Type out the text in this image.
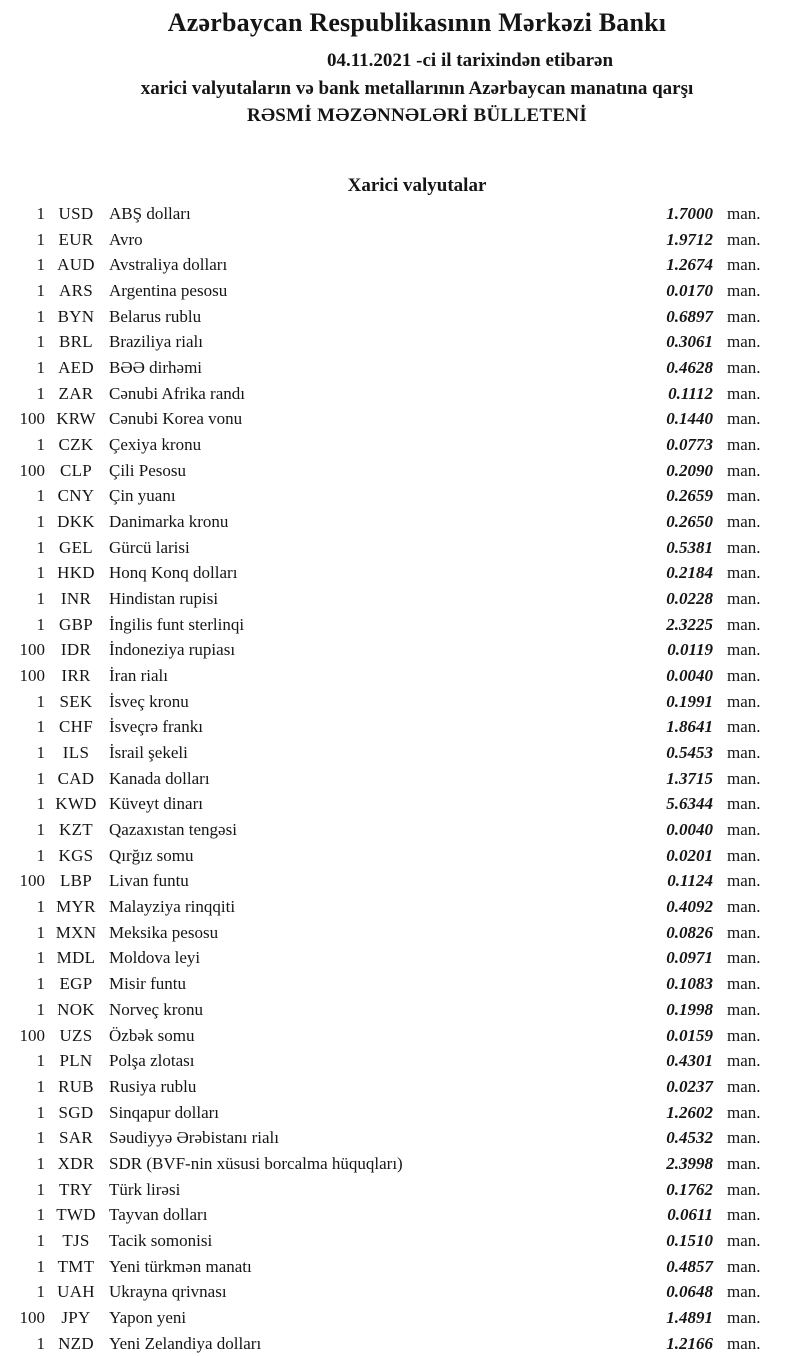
Azərbaycan Respublikasının Mərkəzi Bankı
04.11.2021 -ci il tarixindən etibarən
xarici valyutaların və bank metallarının Azərbaycan manatına qarşı
RƏSMİ MƏZƏNNƏLƏRİ BÜLLETENİ
Xarici valyutalar
1 USD ABŞ dolları	1.7000 man.
1 EUR Avro	1.9712 man.
1 AUD Avstraliya dolları	1.2674 man.
1 ARS Argentina pesosu	0.0170 man.
1 BYN Belarus rublu	0.6897 man.
1 BRL Braziliya rialı	0.3061 man.
1 AED BƏƏ dirhəmi	0.4628 man.
1 ZAR Cənubi Afrika randı	0.1112 man.
100 KRW Cənubi Korea vonu	0.1440 man.
1 CZK Çexiya kronu	0.0773 man.
100 CLP Çili Pesosu	0.2090 man.
1 CNY Çin yuanı	0.2659 man.
1 DKK Danimarka kronu	0.2650 man.
1 GEL Gürcü larisi	0.5381 man.
1 HKD Honq Konq dolları	0.2184 man.
1 INR	Hindistan rupisi	0.0228 man.
1 GBP İngilis funt sterlinqi	2.3225 man.
100 IDR	İndoneziya rupiası	0.0119 man.
100 IRR	İran rialı	0.0040 man.
1 SEK İsveç kronu	0.1991 man.
1 CHF İsveçrə frankı	1.8641 man.
1	ILS	İsrail şekeli	0.5453 man.
1 CAD Kanada dolları	1.3715 man.
1 KWD Küveyt dinarı	5.6344 man.
1 KZT Qazaxıstan tengəsi	0.0040 man.
1 KGS Qırğız somu	0.0201 man.
100 LBP Livan funtu	0.1124 man.
1 MYR Malayziya rinqqiti	0.4092 man.
1 MXN Meksika pesosu	0.0826 man.
1 MDL Moldova leyi	0.0971 man.
1 EGP Misir funtu	0.1083 man.
1 NOK Norveç kronu	0.1998 man.
100 UZS Özbək somu	0.0159 man.
1 PLN Polşa zlotası	0.4301 man.
1 RUB Rusiya rublu	0.0237 man.
1 SGD Sinqapur dolları	1.2602 man.
1 SAR Səudiyyə Ərəbistanı rialı	0.4532 man.
1 XDR SDR (BVF-nin xüsusi borcalma hüquqları)	2.3998 man.
1 TRY Türk lirəsi	0.1762 man.
1 TWD Tayvan dolları	0.0611 man.
1	TJS	Tacik somonisi	0.1510 man.
1 TMT Yeni türkmən manatı	0.4857 man.
1 UAH Ukrayna qrivnası	0.0648 man.
100 JPY	Yapon yeni	1.4891 man.
1 NZD Yeni Zelandiya dolları	1.2166 man.
